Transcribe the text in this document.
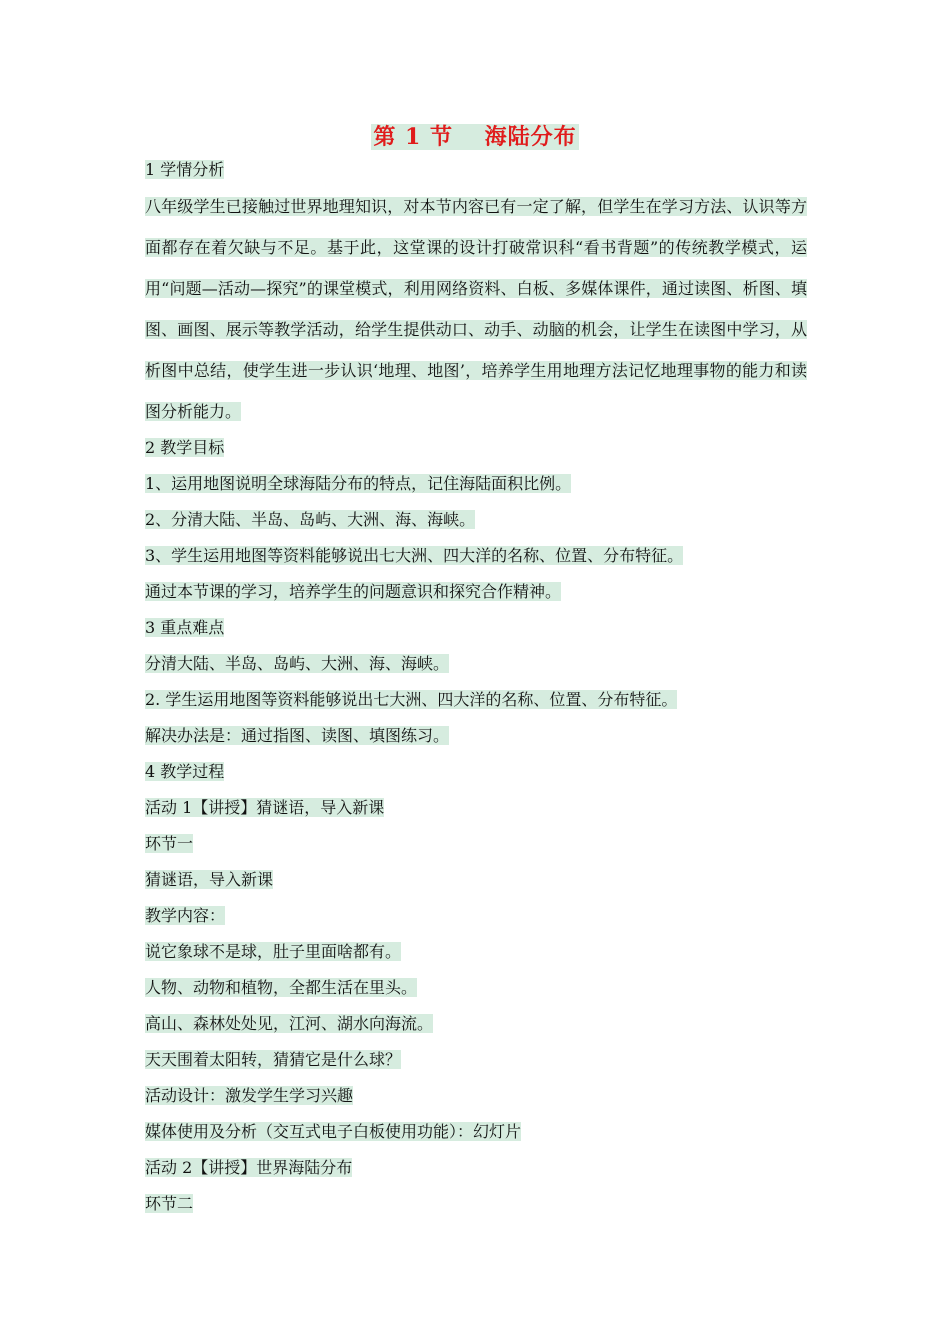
第 1 节　 海陆分布

1 学情分析

八年级学生已接触过世界地理知识，对本节内容已有一定了解，但学生在学习方法、认识等方面都存在着欠缺与不足。基于此，这堂课的设计打破常识科“看书背题”的传统教学模式，运用“问题—活动—探究”的课堂模式，利用网络资料、白板、多媒体课件，通过读图、析图、填图、画图、展示等教学活动，给学生提供动口、动手、动脑的机会，让学生在读图中学习，从析图中总结，使学生进一步认识‘地理、地图’，培养学生用地理方法记忆地理事物的能力和读图分析能力。

2 教学目标

1、运用地图说明全球海陆分布的特点，记住海陆面积比例。

2、分清大陆、半岛、岛屿、大洲、海、海峡。

3、学生运用地图等资料能够说出七大洲、四大洋的名称、位置、分布特征。

通过本节课的学习，培养学生的问题意识和探究合作精神。

3 重点难点

分清大陆、半岛、岛屿、大洲、海、海峡。

2. 学生运用地图等资料能够说出七大洲、四大洋的名称、位置、分布特征。

解决办法是：通过指图、读图、填图练习。

4 教学过程

活动 1【讲授】猜谜语，导入新课

环节一

猜谜语，导入新课

教学内容：

说它象球不是球，肚子里面啥都有。

人物、动物和植物，全都生活在里头。

高山、森林处处见，江河、湖水向海流。

天天围着太阳转，猜猜它是什么球？

活动设计：激发学生学习兴趣

媒体使用及分析（交互式电子白板使用功能）：幻灯片

活动 2【讲授】世界海陆分布

环节二
